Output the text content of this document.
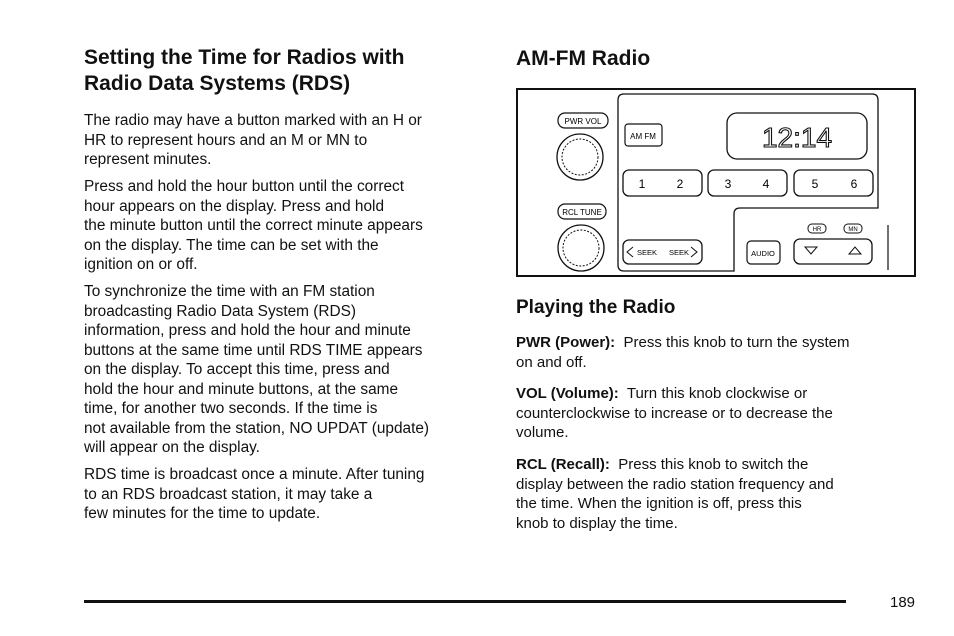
Setting the Time for Radios with
Radio Data Systems (RDS)

The radio may have a button marked with an H or
HR to represent hours and an M or MN to
represent minutes.

Press and hold the hour button until the correct
hour appears on the display. Press and hold
the minute button until the correct minute appears
on the display. The time can be set with the
ignition on or off.

To synchronize the time with an FM station
broadcasting Radio Data System (RDS)
information, press and hold the hour and minute
buttons at the same time until RDS TIME appears
on the display. To accept this time, press and
hold the hour and minute buttons, at the same
time, for another two seconds. If the time is
not available from the station, NO UPDAT (update)
will appear on the display.

RDS time is broadcast once a minute. After tuning
to an RDS broadcast station, it may take a
few minutes for the time to update.

AM-FM Radio
PWR VOL
RCL TUNE
AM FM	12:14
1	2	3	4	5	6
SEEK SEEK	AUDIO
HR	MN
Playing the Radio

PWR (Power): Press this knob to turn the system
on and off.

VOL (Volume): Turn this knob clockwise or
counterclockwise to increase or to decrease the
volume.

RCL (Recall): Press this knob to switch the
display between the radio station frequency and
the time. When the ignition is off, press this
knob to display the time.

189
